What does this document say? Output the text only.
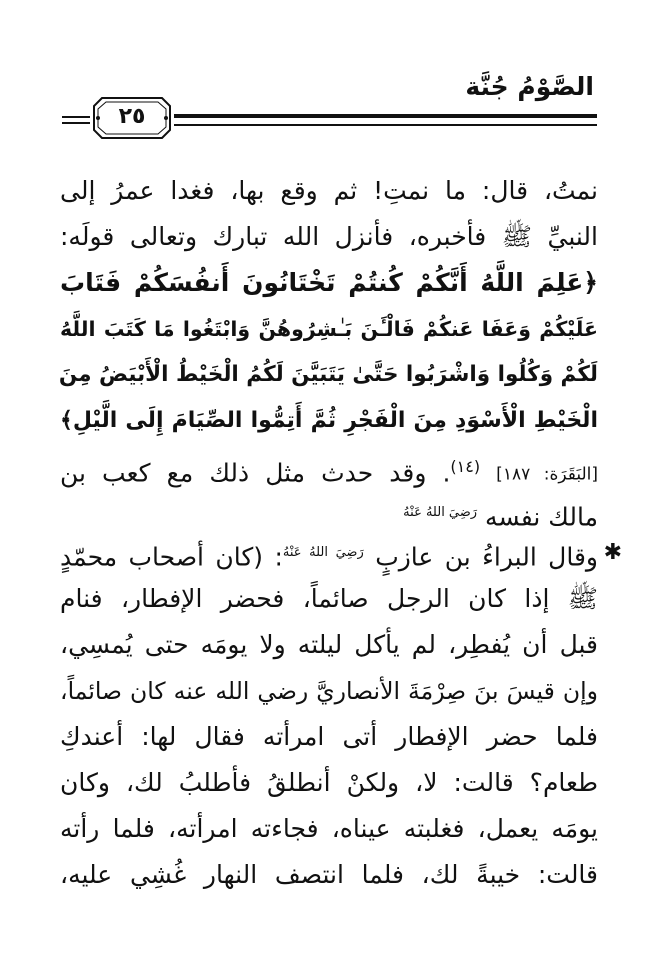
الصَّوْمُ جُنَّة
٢٥
نمتُ، قال: ما نمتِ! ثم وقع بها، فغدا عمرُ إلى
النبيِّ ﷺ فأخبره، فأنزل الله تبارك وتعالى قولَه:
﴿عَلِمَ اللَّهُ أَنَّكُمْ كُنتُمْ تَخْتَانُونَ أَنفُسَكُمْ فَتَابَ
عَلَيْكُمْ وَعَفَا عَنكُمْ فَالْـَٔنَ بَـٰشِرُوهُنَّ وَابْتَغُوا مَا كَتَبَ اللَّهُ
لَكُمْ وَكُلُوا وَاشْرَبُوا حَتَّىٰ يَتَبَيَّنَ لَكُمُ الْخَيْطُ الْأَبْيَضُ مِنَ
الْخَيْطِ الْأَسْوَدِ مِنَ الْفَجْرِ ثُمَّ أَتِمُّوا الصِّيَامَ إِلَى الَّيْلِ﴾
[البَقَرَة: ١٨٧] $^{(١٤)}$. وقد حدث مثل ذلك مع كعب بن
مالك نفسه $^{رَضِيَ اللهُ عَنْهُ}$
✱
وقال البراءُ بن عازبٍ $^{رَضِيَ اللهُ عَنْهُ}$: (كان أصحاب محمّدٍ
ﷺ إذا كان الرجل صائماً، فحضر الإفطار، فنام
قبل أن يُفطِر، لم يأكل ليلته ولا يومَه حتى يُمسِي،
وإن قيسَ بنَ صِرْمَةَ الأنصاريَّ رضي الله عنه كان صائماً،
فلما حضر الإفطار أتى امرأته فقال لها: أعندكِ
طعام؟ قالت: لا، ولكنْ أنطلقُ فأطلبُ لك، وكان
يومَه يعمل، فغلبته عيناه، فجاءته امرأته، فلما رأته
قالت: خيبةً لك، فلما انتصف النهار غُشِي عليه،
